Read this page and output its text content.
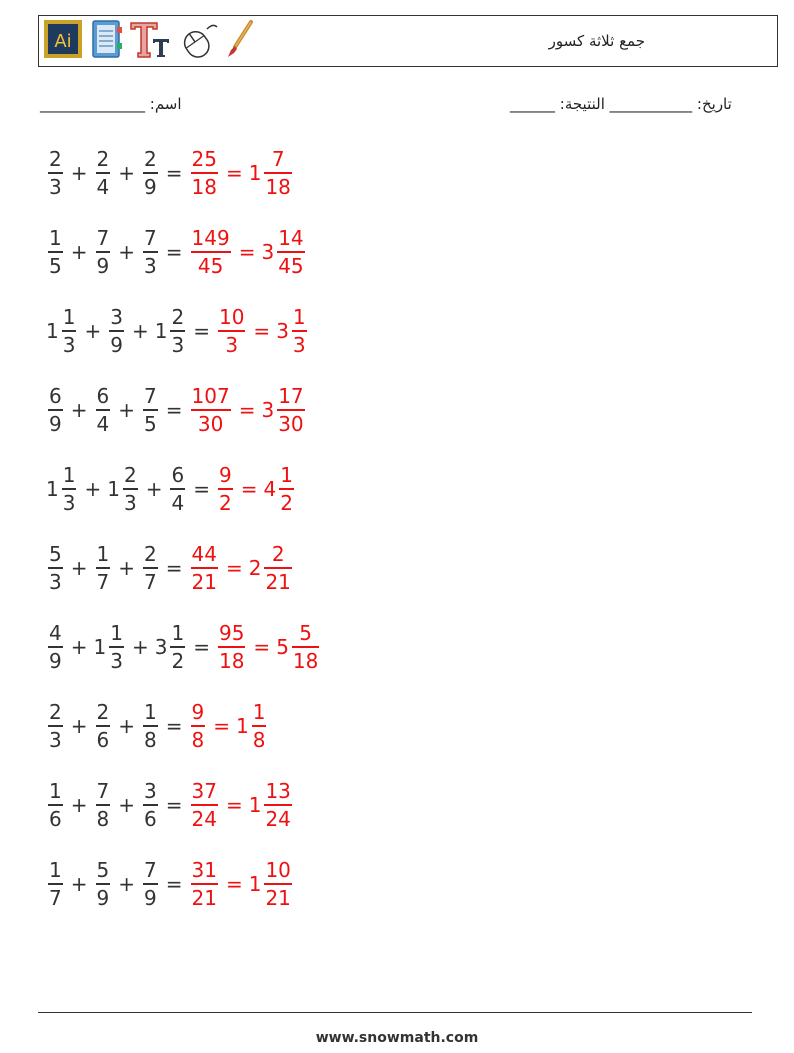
Ai	جمع ثلاثة كسور
اسم: ______________	______ :تاريخ: ___________ النتيجة
$\frac{2}{3} + \frac{2}{4} + \frac{2}{9} = \frac{25}{18} = 1 \frac{7}{18}$
$\frac{1}{5} + \frac{7}{9} + \frac{7}{3} = \frac{149}{45} = 3 \frac{14}{45}$
$1 \frac{1}{3} + \frac{3}{9} + 1 \frac{2}{3} = \frac{10}{3} = 3 \frac{1}{3}$
$\frac{6}{9} + \frac{6}{4} + \frac{7}{5} = \frac{107}{30} = 3 \frac{17}{30}$
$1 \frac{1}{3} + 1 \frac{2}{3} + \frac{6}{4} = \frac{9}{2} = 4 \frac{1}{2}$
$\frac{5}{3} + \frac{1}{7} + \frac{2}{7} = \frac{44}{21} = 2 \frac{2}{21}$
$\frac{4}{9} + 1 \frac{1}{3} + 3 \frac{1}{2} = \frac{95}{18} = 5 \frac{5}{18}$
$\frac{2}{3} + \frac{2}{6} + \frac{1}{8} = \frac{9}{8} = 1 \frac{1}{8}$
$\frac{1}{6} + \frac{7}{8} + \frac{3}{6} = \frac{37}{24} = 1 \frac{13}{24}$
$\frac{1}{7} + \frac{5}{9} + \frac{7}{9} = \frac{31}{21} = 1 \frac{10}{21}$
www.snowmath.com
